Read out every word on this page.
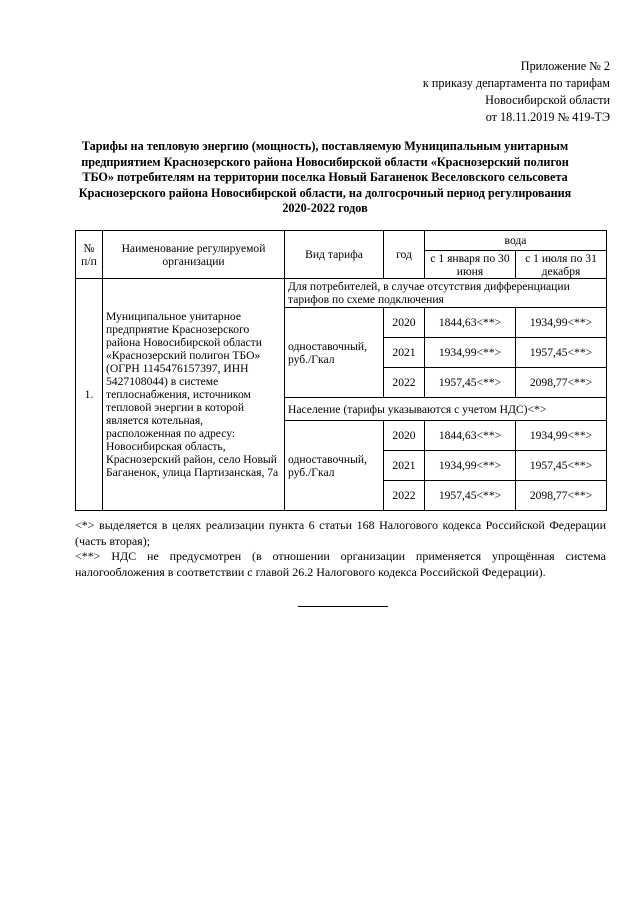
Приложение № 2
к приказу департамента по тарифам
Новосибирской области
от 18.11.2019 № 419-ТЭ
Тарифы на тепловую энергию (мощность), поставляемую Муниципальным унитарным предприятием Краснозерского района Новосибирской области «Краснозерский полигон ТБО» потребителям на территории поселка Новый Баганенок Веселовского сельсовета Краснозерского района Новосибирской области, на долгосрочный период регулирования 2020-2022 годов
№ п/п	Наименование регулируемой организации	Вид тарифа	год	вода	
				с 1 января по 30 июня	с 1 июля по 31 декабря
1.	Муниципальное унитарное предприятие Краснозерского района Новосибирской области «Краснозерский полигон ТБО» (ОГРН 1145476157397, ИНН 5427108044) в системе теплоснабжения, источником тепловой энергии в которой является котельная, расположенная по адресу: Новосибирская область, Краснозерский район, село Новый Баганенок, улица Партизанская, 7а	Для потребителей, в случае отсутствия дифференциации тарифов по схеме подключения			
		одноставочный, руб./Гкал	2020	1844,63<**>	1934,99<**>
			2021	1934,99<**>	1957,45<**>
			2022	1957,45<**>	2098,77<**>
		Население (тарифы указываются с учетом НДС)<*>			
		одноставочный, руб./Гкал	2020	1844,63<**>	1934,99<**>
			2021	1934,99<**>	1957,45<**>
			2022	1957,45<**>	2098,77<**>

<*> выделяется в целях реализации пункта 6 статьи 168 Налогового кодекса Российской Федерации (часть вторая);

<**> НДС не предусмотрен (в отношении организации применяется упрощённая система налогообложения в соответствии с главой 26.2 Налогового кодекса Российской Федерации).
